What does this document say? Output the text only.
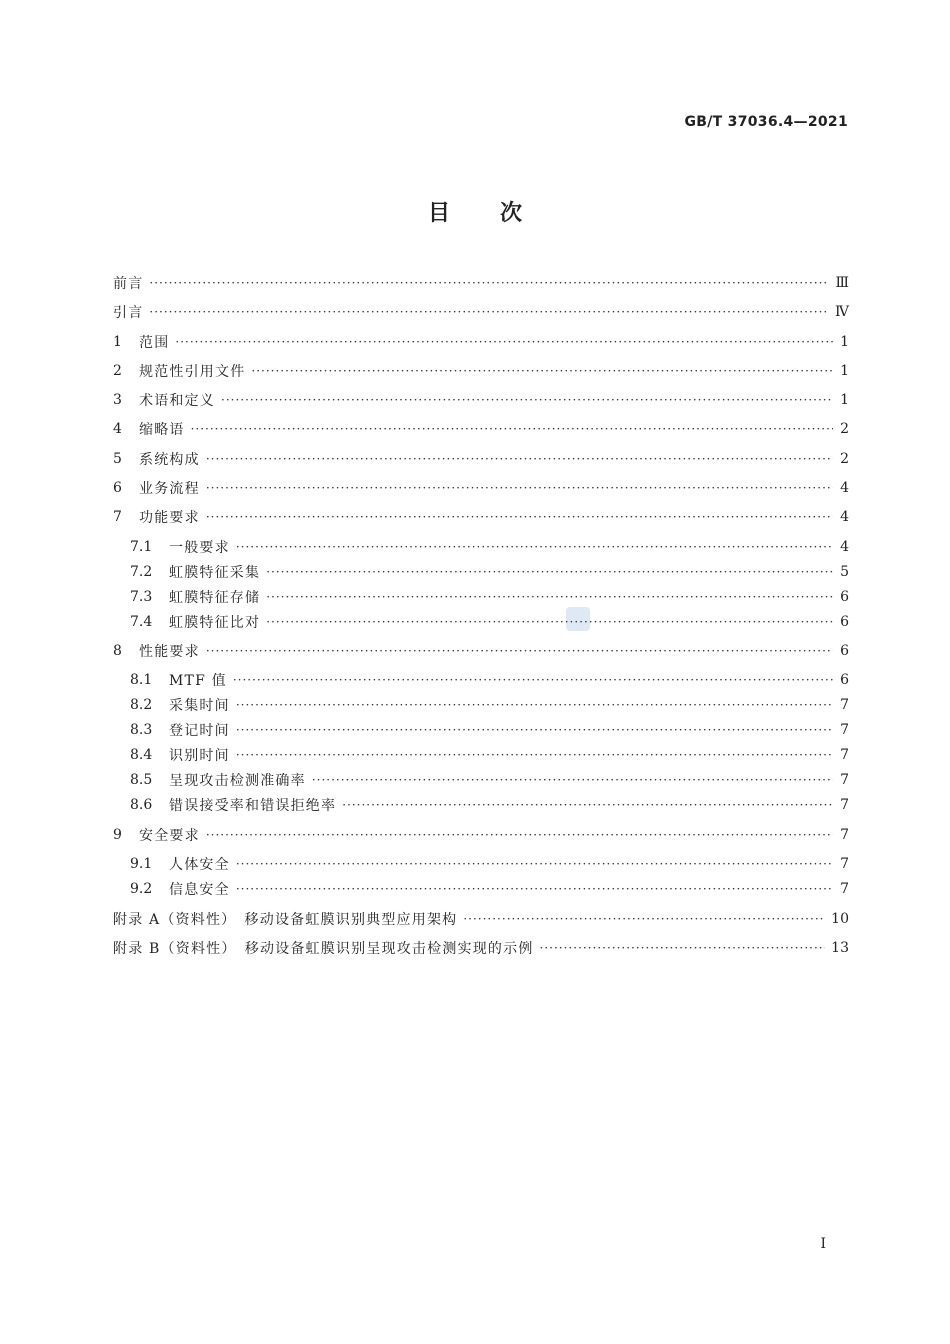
GB/T 37036.4—2021
目次
前言 ·····	Ⅲ
引言 ·····	Ⅳ
1	范围 ·····	1
2	规范性引用文件 ·····	1
3	术语和定义 ·····	1
4	缩略语 ·····	2
5	系统构成 ·····	2
6	业务流程 ·····	4
7	功能要求 ·····	4
7.1	一般要求 ·····	4
7.2	虹膜特征采集 ·····	5
7.3	虹膜特征存储 ·····	6
7.4	虹膜特征比对 ·····	6
8	性能要求 ·····	6
8.1	MTF 值 ·····	6
8.2	采集时间 ·····	7
8.3	登记时间 ·····	7
8.4	识别时间 ·····	7
8.5	呈现攻击检测准确率 ·····	7
8.6	错误接受率和错误拒绝率 ·····	7
9	安全要求 ·····	7
9.1	人体安全 ·····	7
9.2	信息安全 ·····	7
附录 A（资料性）　移动设备虹膜识别典型应用架构 ·····	10
附录 B（资料性）　移动设备虹膜识别呈现攻击检测实现的示例 ·····	13
I
